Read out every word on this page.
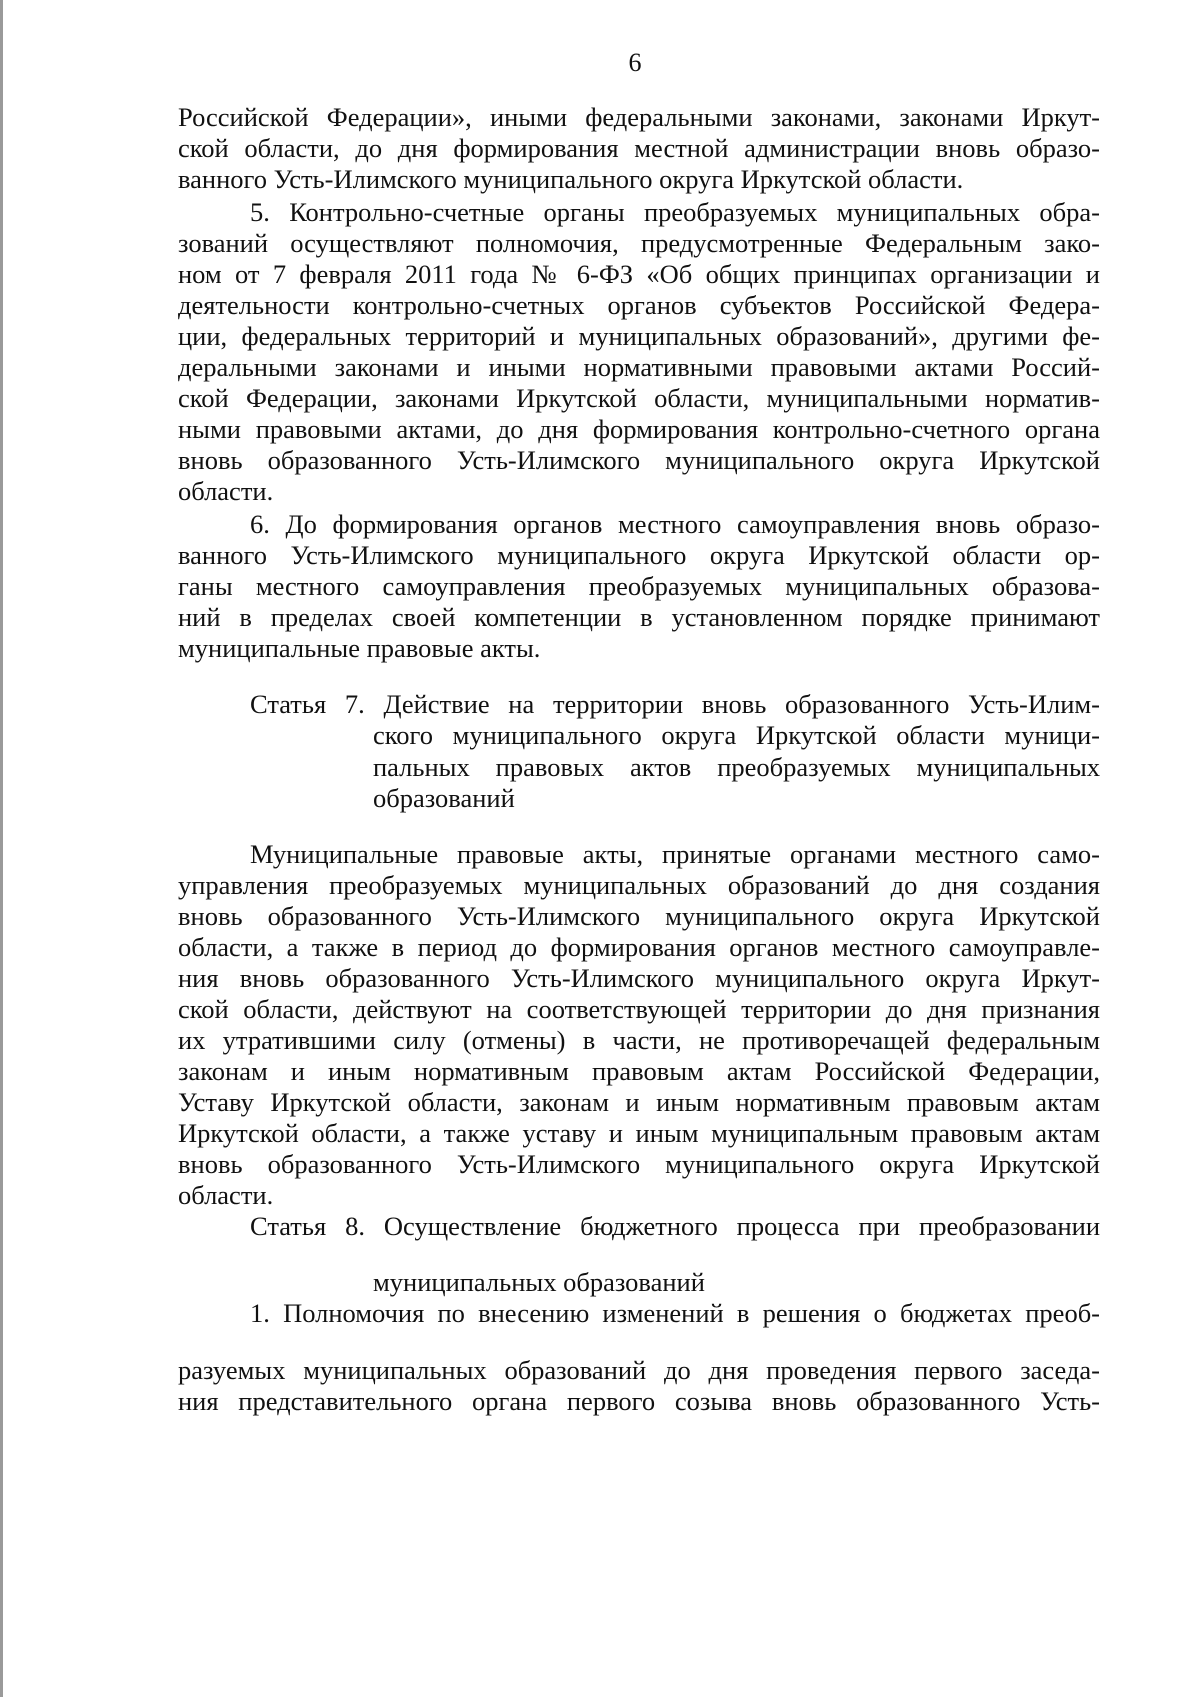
6
Российской Федерации», иными федеральными законами, законами Иркут-
ской области, до дня формирования местной администрации вновь образо-
ванного Усть-Илимского муниципального округа Иркутской области.
5. Контрольно-счетные органы преобразуемых муниципальных обра-
зований осуществляют полномочия, предусмотренные Федеральным зако-
ном от 7 февраля 2011 года № 6-ФЗ «Об общих принципах организации и
деятельности контрольно-счетных органов субъектов Российской Федера-
ции, федеральных территорий и муниципальных образований», другими фе-
деральными законами и иными нормативными правовыми актами Россий-
ской Федерации, законами Иркутской области, муниципальными норматив-
ными правовыми актами, до дня формирования контрольно-счетного органа
вновь образованного Усть-Илимского муниципального округа Иркутской
области.
6. До формирования органов местного самоуправления вновь образо-
ванного Усть-Илимского муниципального округа Иркутской области ор-
ганы местного самоуправления преобразуемых муниципальных образова-
ний в пределах своей компетенции в установленном порядке принимают
муниципальные правовые акты.
Статья 7. Действие на территории вновь образованного Усть-Илим-
ского муниципального округа Иркутской области муници-
пальных правовых актов преобразуемых муниципальных
образований
Муниципальные правовые акты, принятые органами местного само-
управления преобразуемых муниципальных образований до дня создания
вновь образованного Усть-Илимского муниципального округа Иркутской
области, а также в период до формирования органов местного самоуправле-
ния вновь образованного Усть-Илимского муниципального округа Иркут-
ской области, действуют на соответствующей территории до дня признания
их утратившими силу (отмены) в части, не противоречащей федеральным
законам и иным нормативным правовым актам Российской Федерации,
Уставу Иркутской области, законам и иным нормативным правовым актам
Иркутской области, а также уставу и иным муниципальным правовым актам
вновь образованного Усть-Илимского муниципального округа Иркутской
области.
Статья 8. Осуществление бюджетного процесса при преобразовании
муниципальных образований
1. Полномочия по внесению изменений в решения о бюджетах преоб-
разуемых муниципальных образований до дня проведения первого заседа-
ния представительного органа первого созыва вновь образованного Усть-
